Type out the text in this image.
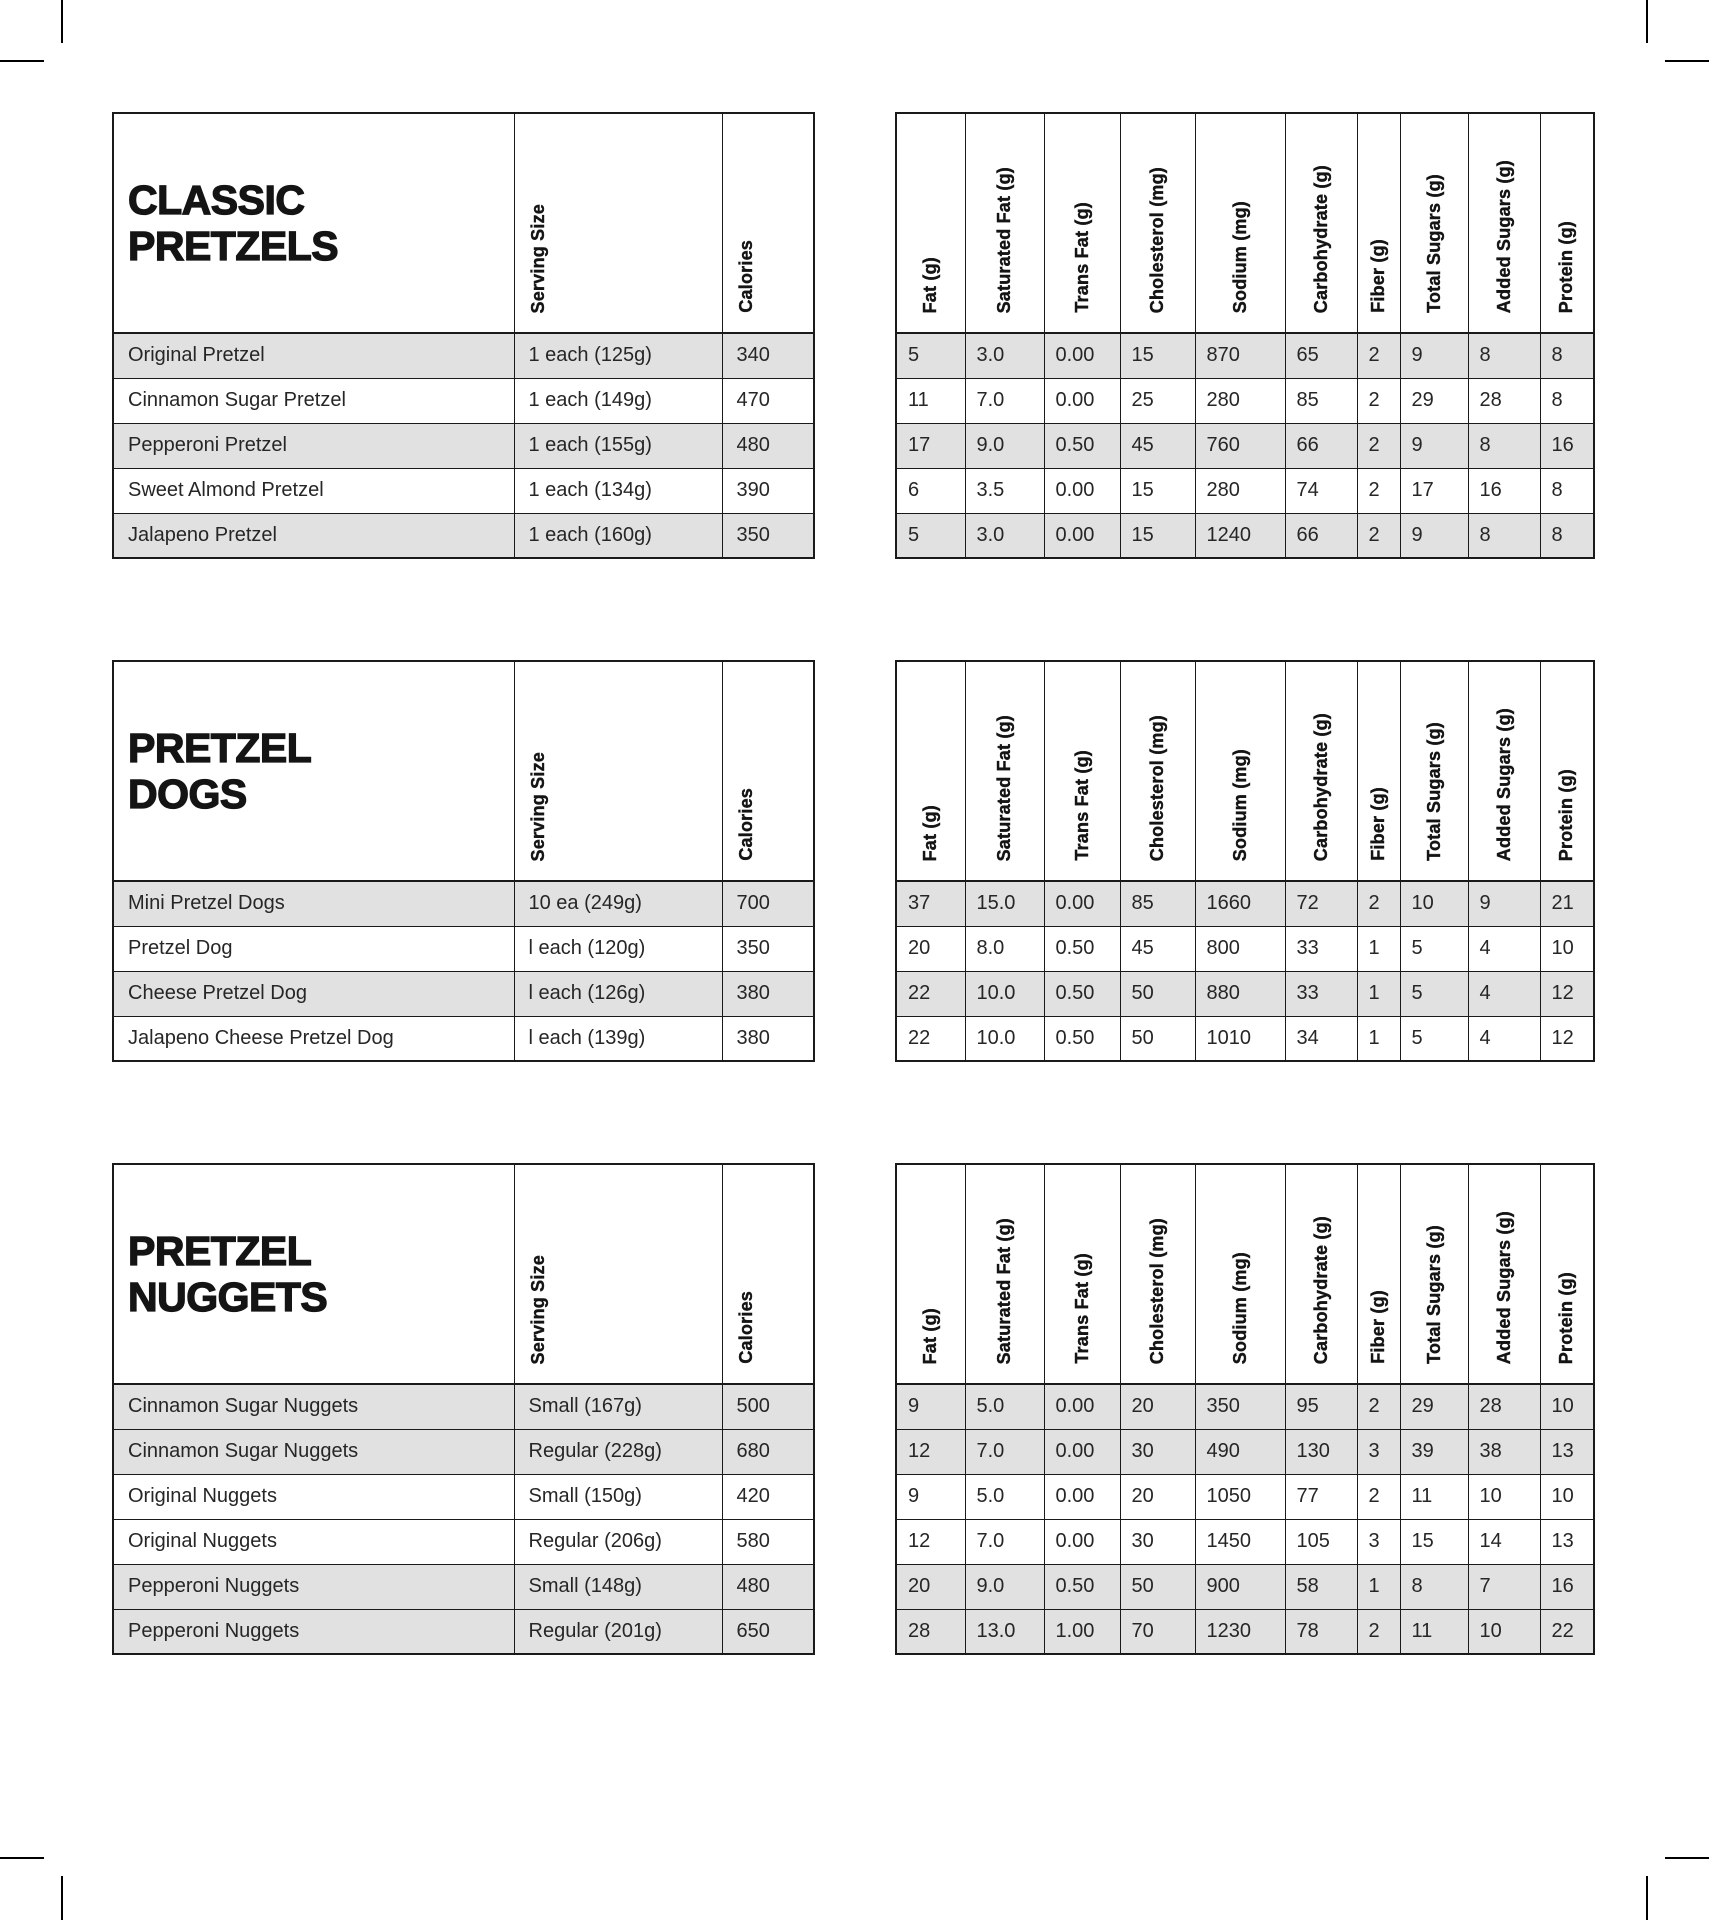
CLASSIC
PRETZELS	Serving Size	Calories
Original Pretzel	1 each (125g)	340
Cinnamon Sugar Pretzel	1 each (149g)	470
Pepperoni Pretzel	1 each (155g)	480
Sweet Almond Pretzel	1 each (134g)	390
Jalapeno Pretzel	1 each (160g)	350
Fat (g)	Saturated Fat (g)	Trans Fat (g)	Cholesterol (mg)	Sodium (mg)	Carbohydrate (g)	Fiber (g)	Total Sugars (g)	Added Sugars (g)	Protein (g)
5	3.0	0.00	15	870	65	2	9	8	8
11	7.0	0.00	25	280	85	2	29	28	8
17	9.0	0.50	45	760	66	2	9	8	16
6	3.5	0.00	15	280	74	2	17	16	8
5	3.0	0.00	15	1240	66	2	9	8	8
PRETZEL
DOGS	Serving Size	Calories
Mini Pretzel Dogs	10 ea (249g)	700
Pretzel Dog	l each (120g)	350
Cheese Pretzel Dog	l each (126g)	380
Jalapeno Cheese Pretzel Dog	l each (139g)	380
Fat (g)	Saturated Fat (g)	Trans Fat (g)	Cholesterol (mg)	Sodium (mg)	Carbohydrate (g)	Fiber (g)	Total Sugars (g)	Added Sugars (g)	Protein (g)
37	15.0	0.00	85	1660	72	2	10	9	21
20	8.0	0.50	45	800	33	1	5	4	10
22	10.0	0.50	50	880	33	1	5	4	12
22	10.0	0.50	50	1010	34	1	5	4	12
PRETZEL
NUGGETS	Serving Size	Calories
Cinnamon Sugar Nuggets	Small (167g)	500
Cinnamon Sugar Nuggets	Regular (228g)	680
Original Nuggets	Small (150g)	420
Original Nuggets	Regular (206g)	580
Pepperoni Nuggets	Small (148g)	480
Pepperoni Nuggets	Regular (201g)	650
Fat (g)	Saturated Fat (g)	Trans Fat (g)	Cholesterol (mg)	Sodium (mg)	Carbohydrate (g)	Fiber (g)	Total Sugars (g)	Added Sugars (g)	Protein (g)
9	5.0	0.00	20	350	95	2	29	28	10
12	7.0	0.00	30	490	130	3	39	38	13
9	5.0	0.00	20	1050	77	2	11	10	10
12	7.0	0.00	30	1450	105	3	15	14	13
20	9.0	0.50	50	900	58	1	8	7	16
28	13.0	1.00	70	1230	78	2	11	10	22
